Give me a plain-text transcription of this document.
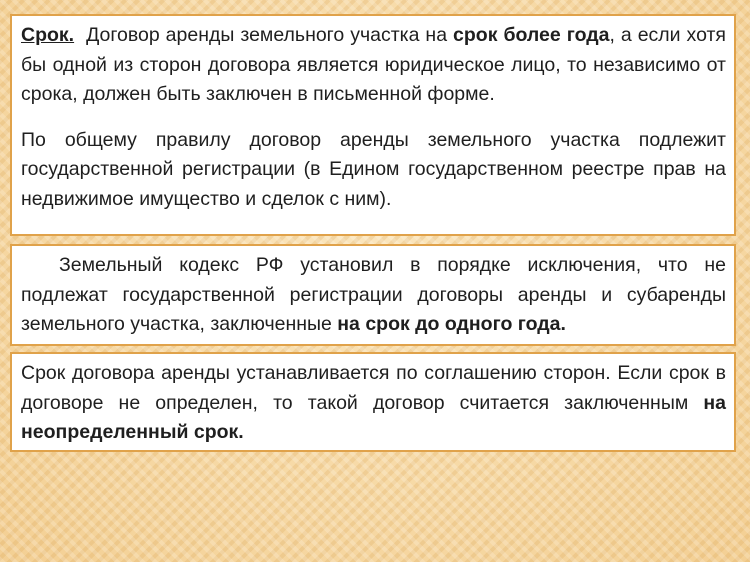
Срок.  Договор аренды земельного участка на срок более года, а если хотя бы одной из сторон договора является юридическое лицо, то независимо от срока, должен быть заключен в письменной форме.

По общему правилу договор аренды земельного участка подлежит государственной регистрации (в Едином государственном реестре прав на недвижимое имущество и сделок с ним).

Земельный кодекс РФ установил в порядке исключения, что не подлежат государственной регистрации договоры аренды и субаренды земельного участка, заключенные на срок до одного года.

Срок договора аренды устанавливается по соглашению сторон. Если срок в договоре не определен, то такой договор считается заключенным на неопределенный срок.
